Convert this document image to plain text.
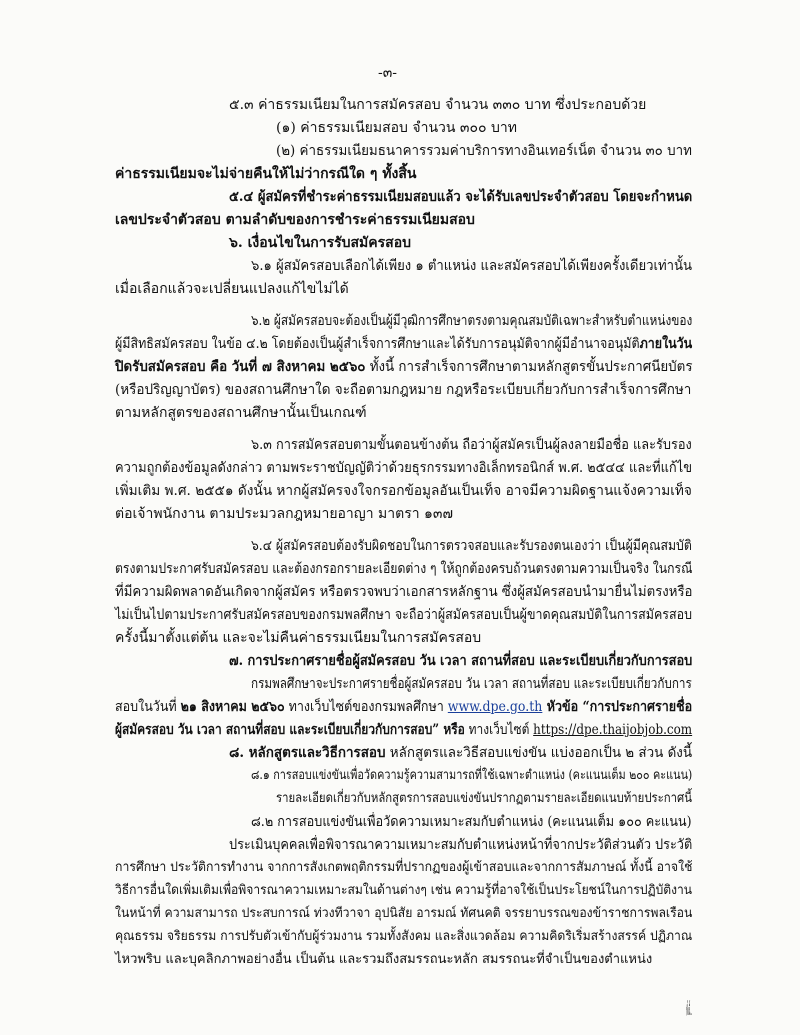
-๓-
๕.๓ ค่าธรรมเนียมในการสมัครสอบ จำนวน ๓๓๐ บาท ซึ่งประกอบด้วย
(๑) ค่าธรรมเนียมสอบ จำนวน ๓๐๐ บาท
(๒) ค่าธรรมเนียมธนาคารรวมค่าบริการทางอินเทอร์เน็ต จำนวน ๓๐ บาท
ค่าธรรมเนียมจะไม่จ่ายคืนให้ไม่ว่ากรณีใด ๆ ทั้งสิ้น
๕.๔ ผู้สมัครที่ชำระค่าธรรมเนียมสอบแล้ว จะได้รับเลขประจำตัวสอบ โดยจะกำหนด
เลขประจำตัวสอบ ตามลำดับของการชำระค่าธรรมเนียมสอบ
๖. เงื่อนไขในการรับสมัครสอบ
๖.๑ ผู้สมัครสอบเลือกได้เพียง ๑ ตำแหน่ง และสมัครสอบได้เพียงครั้งเดียวเท่านั้น
เมื่อเลือกแล้วจะเปลี่ยนแปลงแก้ไขไม่ได้
๖.๒ ผู้สมัครสอบจะต้องเป็นผู้มีวุฒิการศึกษาตรงตามคุณสมบัติเฉพาะสำหรับตำแหน่งของ
ผู้มีสิทธิสมัครสอบ ในข้อ ๔.๒ โดยต้องเป็นผู้สำเร็จการศึกษาและได้รับการอนุมัติจากผู้มีอำนาจอนุมัติภายในวัน
ปิดรับสมัครสอบ คือ วันที่ ๗ สิงหาคม ๒๕๖๐ ทั้งนี้ การสำเร็จการศึกษาตามหลักสูตรขั้นประกาศนียบัตร
(หรือปริญญาบัตร) ของสถานศึกษาใด จะถือตามกฎหมาย กฎหรือระเบียบเกี่ยวกับการสำเร็จการศึกษา
ตามหลักสูตรของสถานศึกษานั้นเป็นเกณฑ์
๖.๓ การสมัครสอบตามขั้นตอนข้างต้น ถือว่าผู้สมัครเป็นผู้ลงลายมือชื่อ และรับรอง
ความถูกต้องข้อมูลดังกล่าว ตามพระราชบัญญัติว่าด้วยธุรกรรมทางอิเล็กทรอนิกส์ พ.ศ. ๒๕๔๔ และที่แก้ไข
เพิ่มเติม พ.ศ. ๒๕๕๑ ดังนั้น หากผู้สมัครจงใจกรอกข้อมูลอันเป็นเท็จ อาจมีความผิดฐานแจ้งความเท็จ
ต่อเจ้าพนักงาน ตามประมวลกฎหมายอาญา มาตรา ๑๓๗
๖.๔ ผู้สมัครสอบต้องรับผิดชอบในการตรวจสอบและรับรองตนเองว่า เป็นผู้มีคุณสมบัติ
ตรงตามประกาศรับสมัครสอบ และต้องกรอกรายละเอียดต่าง ๆ ให้ถูกต้องครบถ้วนตรงตามความเป็นจริง ในกรณี
ที่มีความผิดพลาดอันเกิดจากผู้สมัคร หรือตรวจพบว่าเอกสารหลักฐาน ซึ่งผู้สมัครสอบนำมายื่นไม่ตรงหรือ
ไม่เป็นไปตามประกาศรับสมัครสอบของกรมพลศึกษา จะถือว่าผู้สมัครสอบเป็นผู้ขาดคุณสมบัติในการสมัครสอบ
ครั้งนี้มาตั้งแต่ต้น และจะไม่คืนค่าธรรมเนียมในการสมัครสอบ
๗. การประกาศรายชื่อผู้สมัครสอบ วัน เวลา สถานที่สอบ และระเบียบเกี่ยวกับการสอบ
กรมพลศึกษาจะประกาศรายชื่อผู้สมัครสอบ วัน เวลา สถานที่สอบ และระเบียบเกี่ยวกับการ
สอบในวันที่ ๒๑ สิงหาคม ๒๕๖๐ ทางเว็บไซต์ของกรมพลศึกษา www.dpe.go.th หัวข้อ “การประกาศรายชื่อ
ผู้สมัครสอบ วัน เวลา สถานที่สอบ และระเบียบเกี่ยวกับการสอบ” หรือ ทางเว็บไซต์ https://dpe.thaijobjob.com
๘. หลักสูตรและวิธีการสอบ หลักสูตรและวิธีสอบแข่งขัน แบ่งออกเป็น ๒ ส่วน ดังนี้
๘.๑ การสอบแข่งขันเพื่อวัดความรู้ความสามารถที่ใช้เฉพาะตำแหน่ง (คะแนนเต็ม ๒๐๐ คะแนน)
รายละเอียดเกี่ยวกับหลักสูตรการสอบแข่งขันปรากฏตามรายละเอียดแนบท้ายประกาศนี้
๘.๒ การสอบแข่งขันเพื่อวัดความเหมาะสมกับตำแหน่ง (คะแนนเต็ม ๑๐๐ คะแนน)
ประเมินบุคคลเพื่อพิจารณาความเหมาะสมกับตำแหน่งหน้าที่จากประวัติส่วนตัว ประวัติ
การศึกษา ประวัติการทำงาน จากการสังเกตพฤติกรรมที่ปรากฏของผู้เข้าสอบและจากการสัมภาษณ์ ทั้งนี้ อาจใช้
วิธีการอื่นใดเพิ่มเติมเพื่อพิจารณาความเหมาะสมในด้านต่างๆ เช่น ความรู้ที่อาจใช้เป็นประโยชน์ในการปฏิบัติงาน
ในหน้าที่ ความสามารถ ประสบการณ์ ท่วงทีวาจา อุปนิสัย อารมณ์ ทัศนคติ จรรยาบรรณของข้าราชการพลเรือน
คุณธรรม จริยธรรม การปรับตัวเข้ากับผู้ร่วมงาน รวมทั้งสังคม และสิ่งแวดล้อม ความคิดริเริ่มสร้างสรรค์ ปฏิภาณ
ไหวพริบ และบุคลิกภาพอย่างอื่น เป็นต้น และรวมถึงสมรรถนะหลัก สมรรถนะที่จำเป็นของตำแหน่ง
/ทั้งนี้...
